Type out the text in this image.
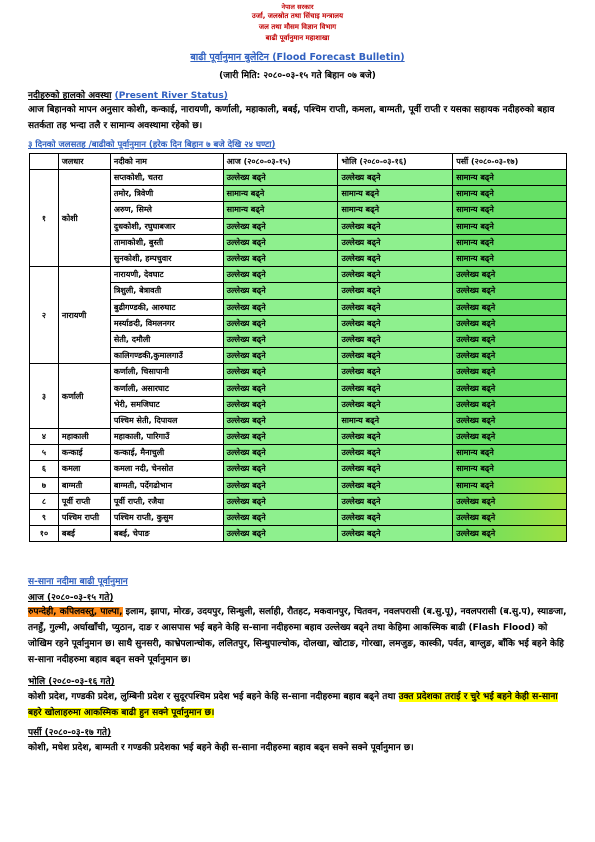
नेपाल सरकार
उर्जा, जलस्रोत तथा सिंचाइ मन्त्रालय
जल तथा मौसम विज्ञान विभाग
बाढी पूर्वानुमान महाशाखा
बाढी पूर्वानुमान बुलेटिन (Flood Forecast Bulletin)
(जारी मिति: २०८०-०३-१५ गते बिहान ०७ बजे)
नदीहरुको हालको अवस्था (Present River Status)
आज बिहानको मापन अनुसार कोशी, कन्काई, नारायणी, कर्णाली, महाकाली, बबई, पश्चिम राप्ती, कमला, बाग्मती, पूर्वी राप्ती र यसका सहायक नदीहरुको बहाव सतर्कता तह भन्दा तलै र सामान्य अवस्थामा रहेको छ।
३ दिनको जलसतह /बाढीको पूर्वानुमान (हरेक दिन बिहान ७ बजे देखि २४ घण्टा)
	जलधार	नदीको नाम	आज (२०८०-०३-१५)	भोलि (२०८०-०३-१६)	पर्सी (२०८०-०३-१७)
१	कोशी	सप्तकोशी, चतरा	उल्लेख्य बढ्ने	उल्लेख्य बढ्ने	सामान्य बढ्ने
		तमोर, त्रिवेणी	सामान्य बढ्ने	सामान्य बढ्ने	सामान्य बढ्ने
		अरुण, सिम्ले	सामान्य बढ्ने	सामान्य बढ्ने	सामान्य बढ्ने
		दुधकोशी, रघुघाबजार	उल्लेख्य बढ्ने	उल्लेख्य बढ्ने	सामान्य बढ्ने
		तामाकोशी, बुस्ती	उल्लेख्य बढ्ने	उल्लेख्य बढ्ने	सामान्य बढ्ने
		सुनकोशी, हम्पचुवार	उल्लेख्य बढ्ने	उल्लेख्य बढ्ने	सामान्य बढ्ने
२	नारायणी	नारायणी, देवघाट	उल्लेख्य बढ्ने	उल्लेख्य बढ्ने	उल्लेख्य बढ्ने
		त्रिशुली, बेत्रावती	उल्लेख्य बढ्ने	उल्लेख्य बढ्ने	उल्लेख्य बढ्ने
		बुढीगण्डकी, आरुघाट	उल्लेख्य बढ्ने	उल्लेख्य बढ्ने	उल्लेख्य बढ्ने
		मर्स्याङदी, विमलनगर	उल्लेख्य बढ्ने	उल्लेख्य बढ्ने	उल्लेख्य बढ्ने
		सेती, दमौली	उल्लेख्य बढ्ने	उल्लेख्य बढ्ने	उल्लेख्य बढ्ने
		कालिगण्डकी,कुमालगाउँ	उल्लेख्य बढ्ने	उल्लेख्य बढ्ने	उल्लेख्य बढ्ने
३	कर्णाली	कर्णाली, चिसापानी	उल्लेख्य बढ्ने	उल्लेख्य बढ्ने	उल्लेख्य बढ्ने
		कर्णाली, असारघाट	उल्लेख्य बढ्ने	उल्लेख्य बढ्ने	उल्लेख्य बढ्ने
		भेरी, समजिघाट	उल्लेख्य बढ्ने	उल्लेख्य बढ्ने	उल्लेख्य बढ्ने
		पश्चिम सेती, दिपायल	उल्लेख्य बढ्ने	सामान्य बढ्ने	उल्लेख्य बढ्ने
४	महाकाली	महाकाली, पारिगाउँ	उल्लेख्य बढ्ने	उल्लेख्य बढ्ने	उल्लेख्य बढ्ने
५	कन्काई	कन्काई, मैनाचुली	उल्लेख्य बढ्ने	उल्लेख्य बढ्ने	सामान्य बढ्ने
६	कमला	कमला नदी, चेनसोत	उल्लेख्य बढ्ने	उल्लेख्य बढ्ने	सामान्य बढ्ने
७	बाग्मती	बाग्मती, पर्देगढोभान	उल्लेख्य बढ्ने	उल्लेख्य बढ्ने	सामान्य बढ्ने
८	पूर्वी राप्ती	पूर्वी राप्ती, रजैया	उल्लेख्य बढ्ने	उल्लेख्य बढ्ने	उल्लेख्य बढ्ने
९	पश्चिम राप्ती	पश्चिम राप्ती, कुसुम	उल्लेख्य बढ्ने	उल्लेख्य बढ्ने	उल्लेख्य बढ्ने
१०	बबई	बबई, चेपाङ	उल्लेख्य बढ्ने	उल्लेख्य बढ्ने	उल्लेख्य बढ्ने
स-साना नदीमा बाढी पूर्वानुमान
आज (२०८०-०३-१५ गते)
रुपन्देही, कपिलवस्तु, पाल्पा, इलाम, झापा, मोरङ, उदयपुर, सिन्धुली, सर्लाही, रौतहट, मकवानपुर, चितवन, नवलपरासी (ब.सु.पू), नवलपरासी (ब.सु.प), स्याङजा, तनहुँ, गुल्मी, अर्घाखाँची, प्युठान, दाङ र आसपास भई बहने केहि स-साना नदीहरुमा बहाव उल्लेख्य बढ्ने तथा केहिमा आकस्मिक बाढी (Flash Flood) को जोखिम रहने पूर्वानुमान छ। साथै सुनसरी, काभ्रेपलान्चोक, ललितपुर, सिन्धुपाल्चोक, दोलखा, खोटाङ, गोरखा, लमजुङ, कास्की, पर्वत, बाग्लुङ, बाँकि भई बहने केहि स-साना नदीहरुमा बहाव बढ्न सक्ने पूर्वानुमान छ।
भोलि (२०८०-०३-१६ गते)
कोशी प्रदेश, गण्डकी प्रदेश, लुम्बिनी प्रदेश र सुदूरपश्चिम प्रदेश भई बहने केहि स-साना नदीहरुमा बहाव बढ्ने तथा उक्त प्रदेशका तराई र चुरे भई बहने केही स-साना बहरे खोलाहरुमा आकस्मिक बाढी हुन सक्ने पूर्वानुमान छ।
पर्सी (२०८०-०३-१७ गते)
कोशी, मधेश प्रदेश, बाग्मती र गण्डकी प्रदेशका भई बहने केही स-साना नदीहरुमा बहाव बढ्न सक्ने सक्ने पूर्वानुमान छ।
